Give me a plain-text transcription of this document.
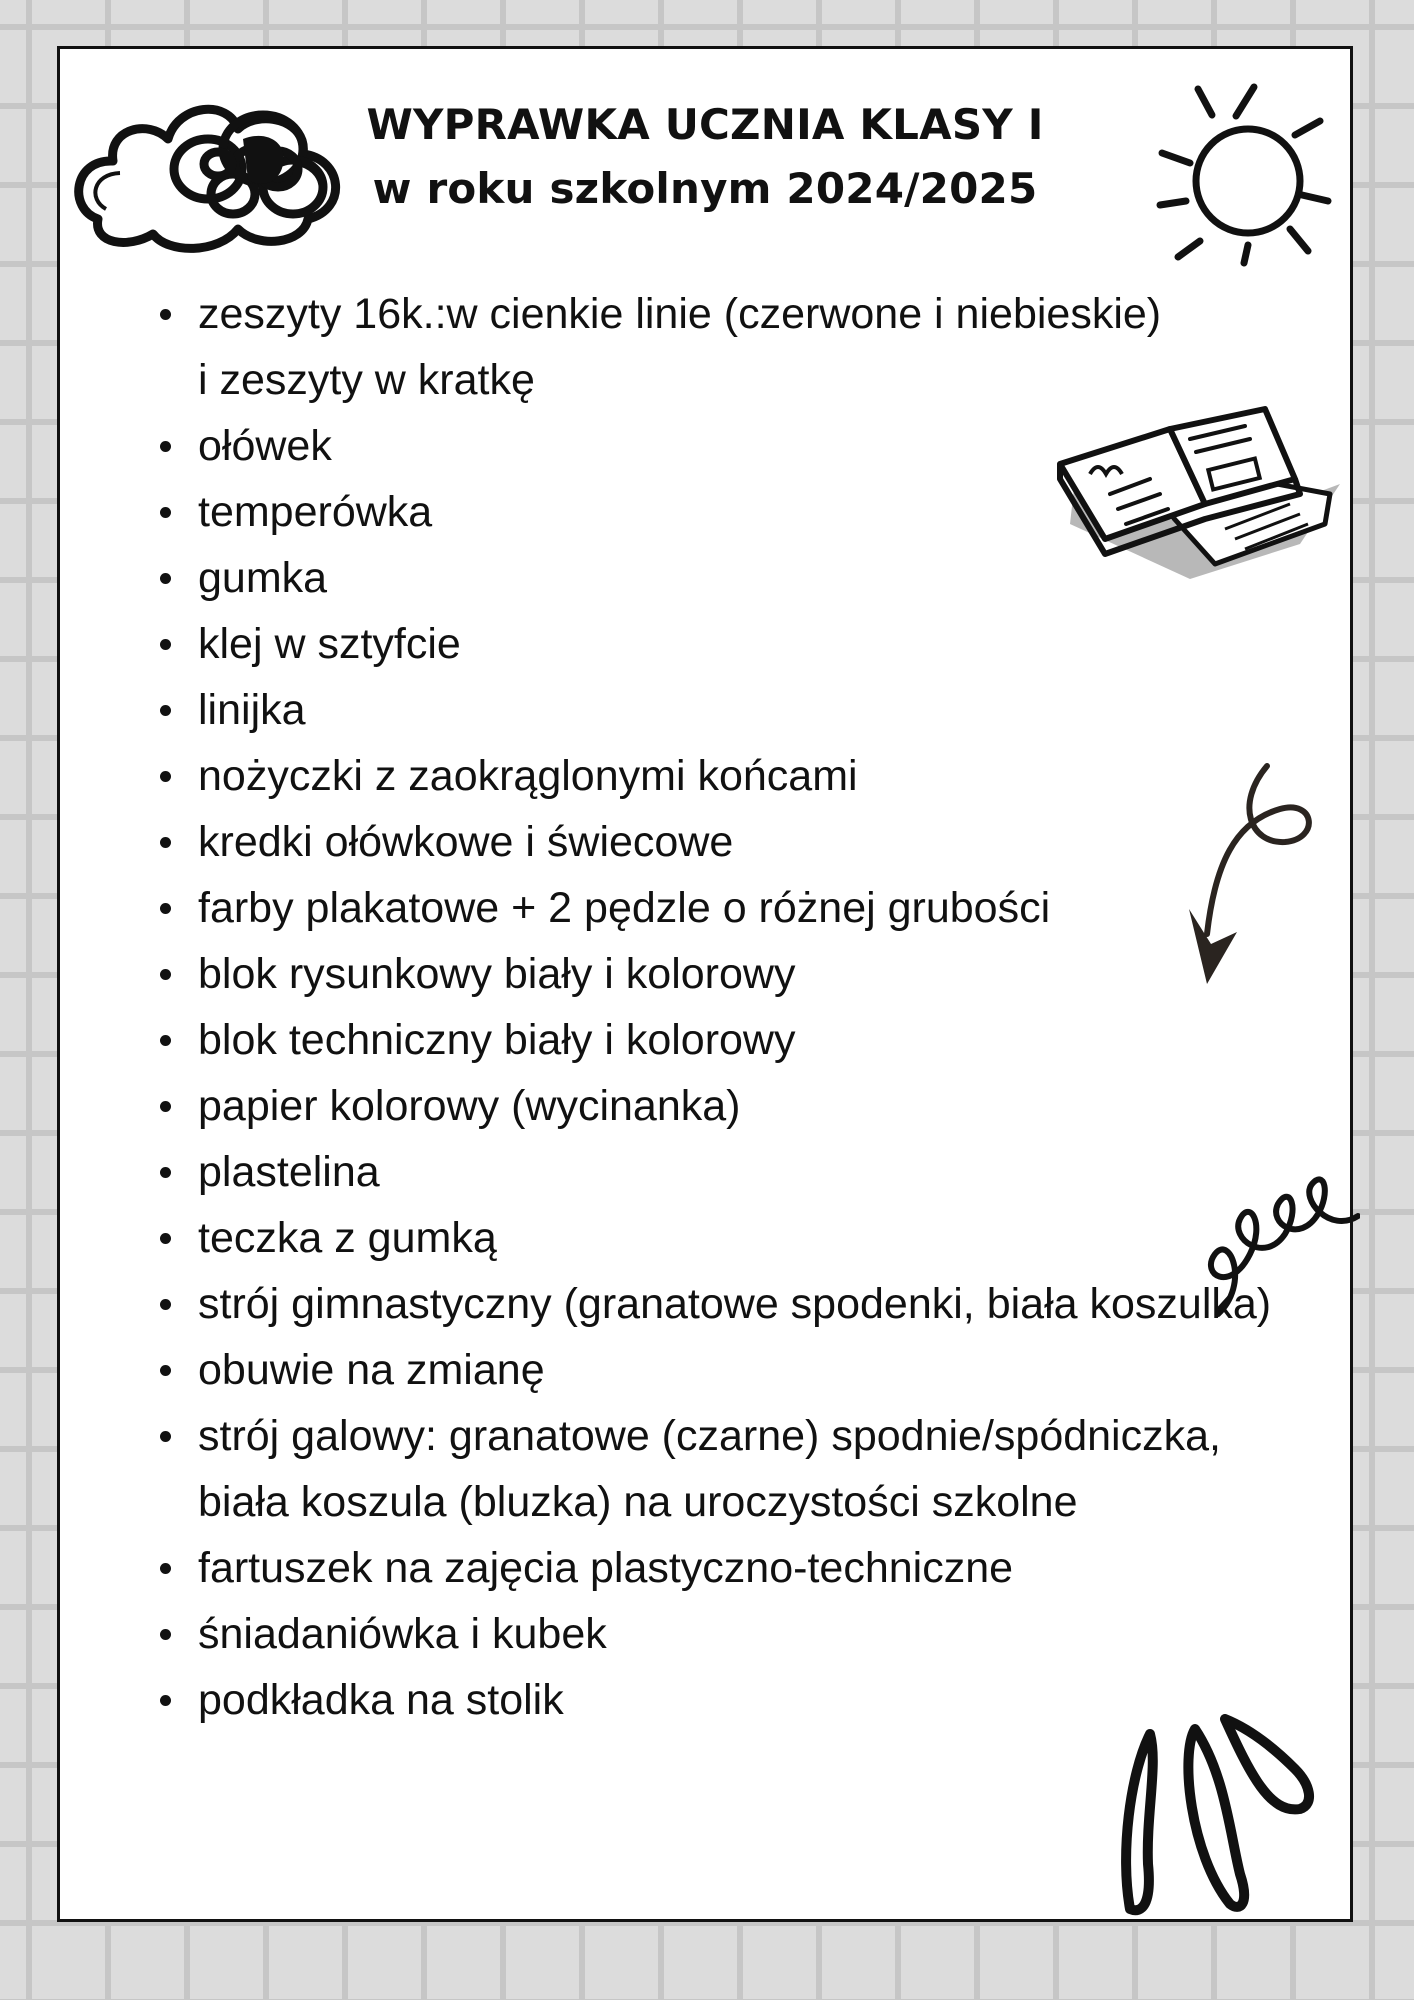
WYPRAWKA UCZNIA KLASY I
w roku szkolnym 2024/2025
zeszyty 16k.:w cienkie linie (czerwone i niebieskie)
i zeszyty w kratkę
ołówek
temperówka
gumka
klej w sztyfcie
linijka
nożyczki z zaokrąglonymi końcami
kredki ołówkowe i świecowe
farby plakatowe + 2 pędzle o różnej grubości
blok rysunkowy biały i kolorowy
blok techniczny biały i kolorowy
papier kolorowy (wycinanka)
plastelina
teczka z gumką
strój gimnastyczny (granatowe spodenki, biała koszulka)
obuwie na zmianę
strój galowy: granatowe (czarne) spodnie/spódniczka,
biała koszula (bluzka) na uroczystości szkolne
fartuszek na zajęcia plastyczno-techniczne
śniadaniówka i kubek
podkładka na stolik
